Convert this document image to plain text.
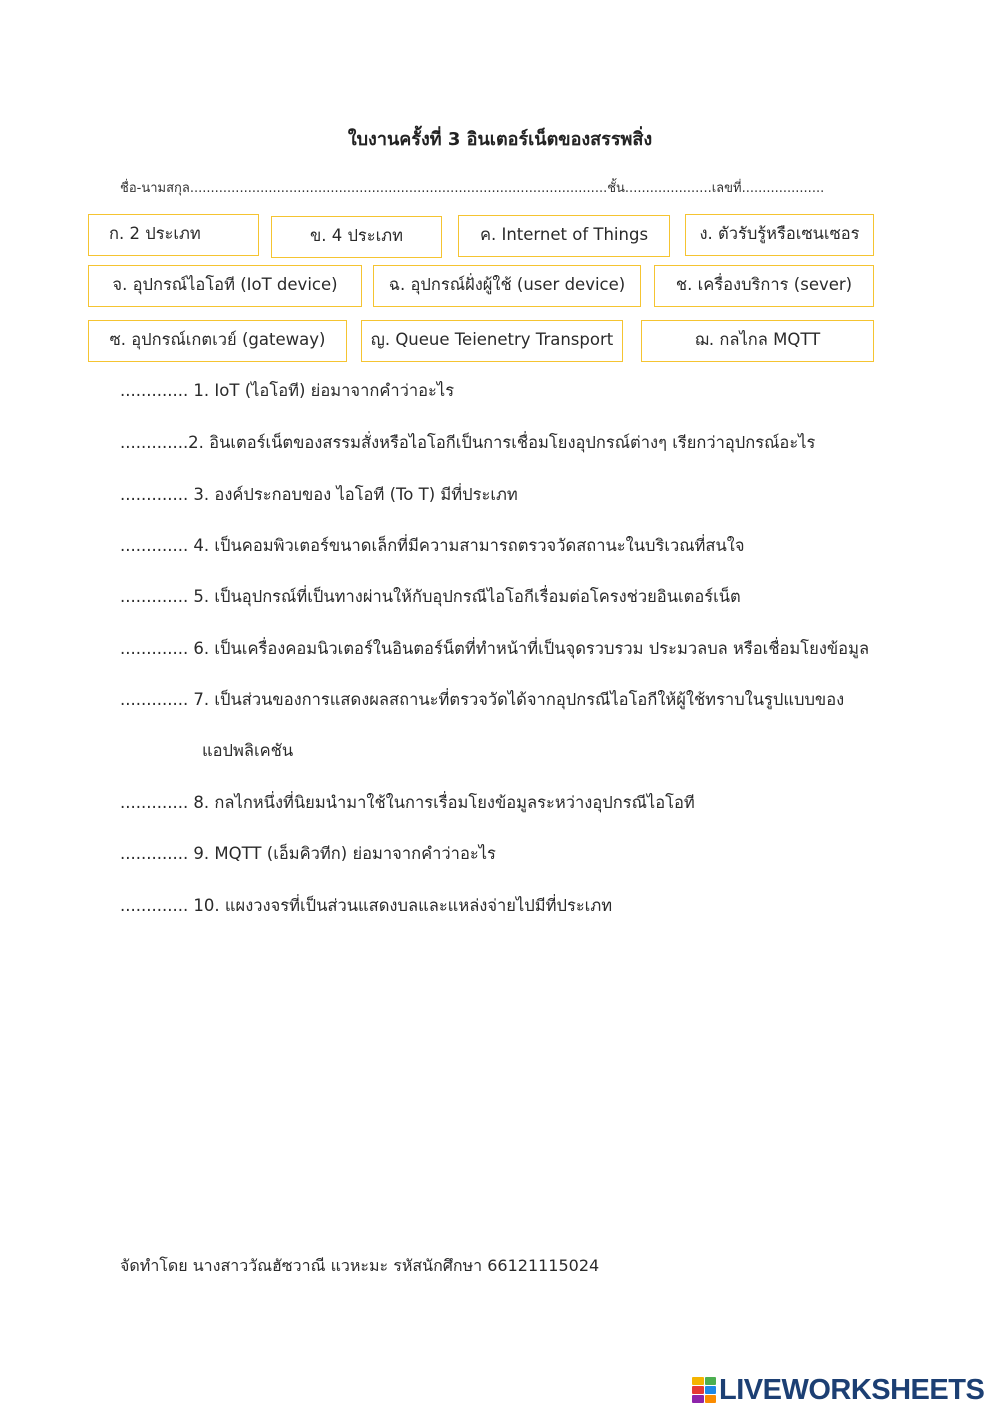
ใบงานครั้งที่ 3 อินเตอร์เน็ตของสรรพสิ่ง
ชื่อ-นามสกุล.....................................................................................................ชั้น.....................เลขที่....................
ก. 2 ประเภท	ข. 4 ประเภท	ค. Internet of Things	ง. ตัวรับรู้หรือเซนเซอร
จ. อุปกรณ์ไอโอที (IoT device)	ฉ. อุปกรณ์ฝั่งผู้ใช้ (user device)	ช. เครื่องบริการ (sever)
ซ. อุปกรณ์เกตเวย์ (gateway)	ญ. Queue Teienetry Transport	ฌ. กลไกล MQTT
............. 1. IoT (ไอโอที) ย่อมาจากคำว่าอะไร
.............2. อินเตอร์เน็ตของสรรมสั่งหรือไอโอกีเป็นการเชื่อมโยงอุปกรณ์ต่างๆ เรียกว่าอุปกรณ์อะไร
............. 3. องค์ประกอบของ ไอโอที (To T) มีที่ประเภท
............. 4. เป็นคอมพิวเตอร์ขนาดเล็กที่มีความสามารถตรวจวัดสถานะในบริเวณที่สนใจ
............. 5. เป็นอุปกรณ์ที่เป็นทางผ่านให้กับอุปกรณีไอโอกีเรื่อมต่อโครงช่วยอินเตอร์เน็ต
............. 6. เป็นเครื่องคอมนิวเตอร์ในอินตอร์น็ตที่ทำหน้าที่เป็นจุดรวบรวม ประมวลบล หรือเชื่อมโยงข้อมูล
............. 7. เป็นส่วนของการแสดงผลสถานะที่ตรวจวัดได้จากอุปกรณีไอโอกีให้ผู้ใช้ทราบในรูปแบบของ
แอปพลิเคชัน
............. 8. กลไกหนึ่งที่นิยมนำมาใช้ในการเรื่อมโยงข้อมูลระหว่างอุปกรณีไอโอที
............. 9. MQTT (เอ็มคิวทีก) ย่อมาจากคำว่าอะไร
............. 10. แผงวงจรที่เป็นส่วนแสดงบลและแหล่งจ่ายไปมีที่ประเภท
จัดทำโดย นางสาววัณฮัซวาณี แวหะมะ รหัสนักศึกษา 66121115024
LIVEWORKSHEETS
